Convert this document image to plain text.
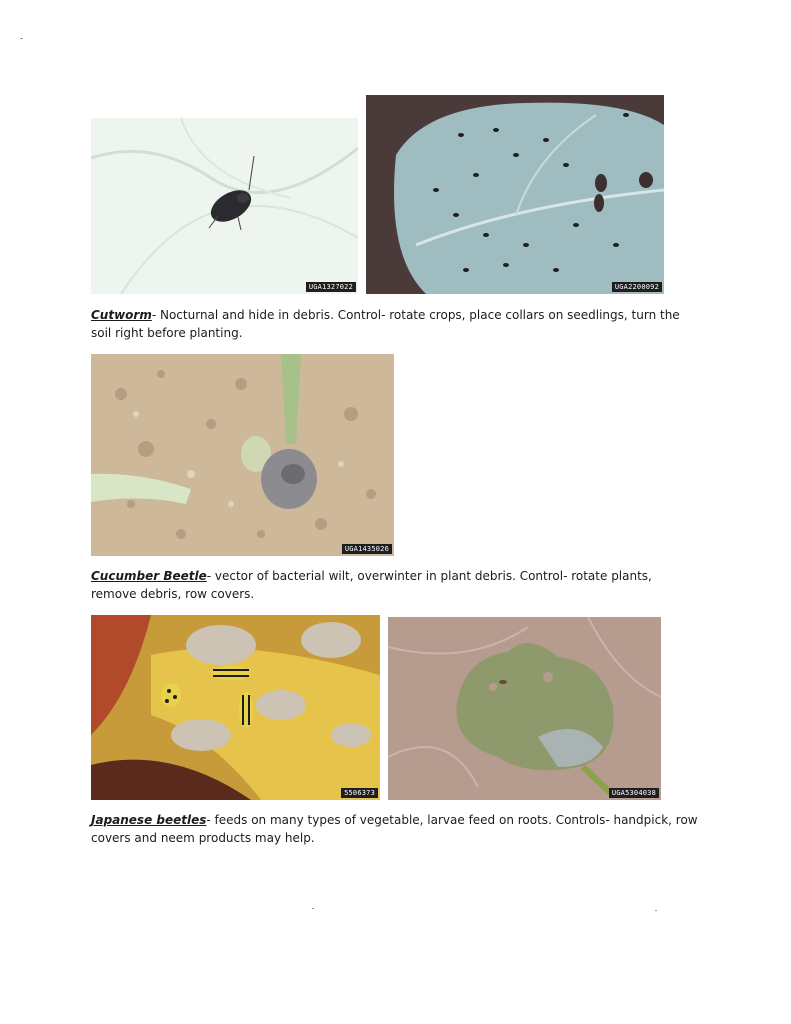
UGA1327022	UGA2200092

Cutworm- Nocturnal and hide in debris. Control- rotate crops, place collars on seedlings, turn the soil right before planting.

UGA1435026

Cucumber Beetle- vector of bacterial wilt, overwinter in plant debris. Control- rotate plants, remove debris, row covers.

5506373	UGA5304038

Japanese beetles- feeds on many types of vegetable, larvae feed on roots. Controls- handpick, row covers and neem products may help.
